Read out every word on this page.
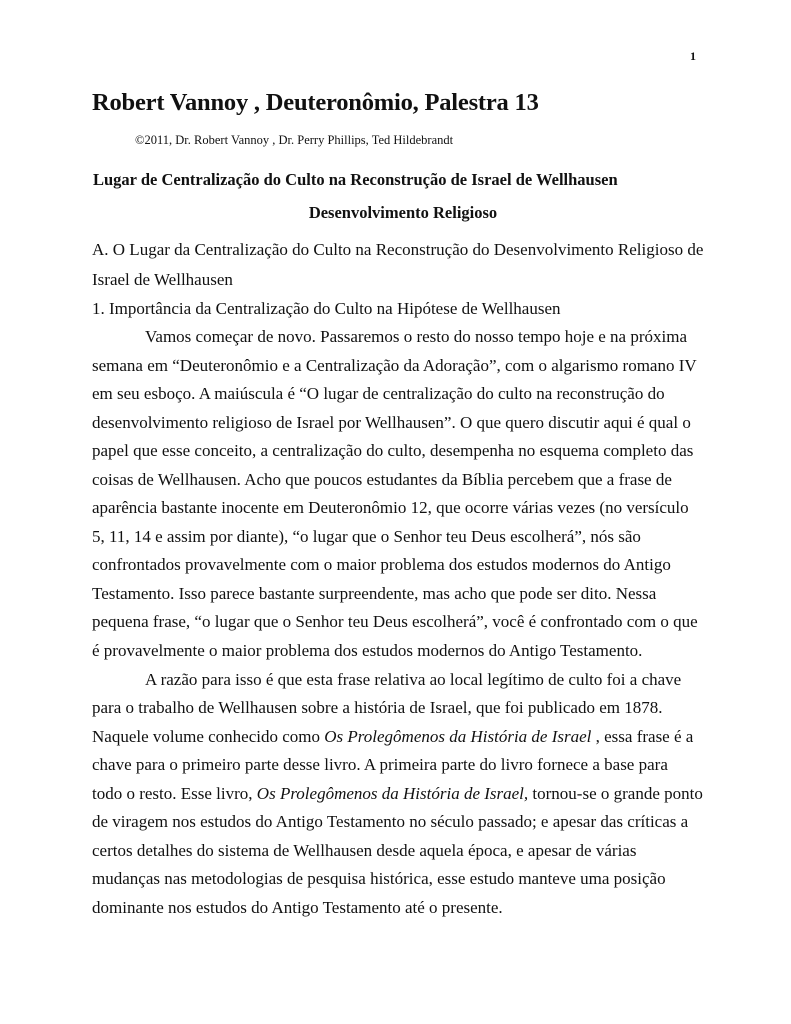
1
Robert Vannoy , Deuteronômio, Palestra 13
©2011, Dr. Robert Vannoy , Dr. Perry Phillips, Ted Hildebrandt
Lugar de Centralização do Culto na Reconstrução de Israel de Wellhausen
Desenvolvimento Religioso
A. O Lugar da Centralização do Culto na Reconstrução do Desenvolvimento Religioso de
Israel de Wellhausen
1. Importância da Centralização do Culto na Hipótese de Wellhausen
Vamos começar de novo. Passaremos o resto do nosso tempo hoje e na próxima
semana em “Deuteronômio e a Centralização da Adoração”, com o algarismo romano IV
em seu esboço. A maiúscula é “O lugar de centralização do culto na reconstrução do
desenvolvimento religioso de Israel por Wellhausen”. O que quero discutir aqui é qual o
papel que esse conceito, a centralização do culto, desempenha no esquema completo das
coisas de Wellhausen. Acho que poucos estudantes da Bíblia percebem que a frase de
aparência bastante inocente em Deuteronômio 12, que ocorre várias vezes (no versículo
5, 11, 14 e assim por diante), “o lugar que o Senhor teu Deus escolherá”, nós são
confrontados provavelmente com o maior problema dos estudos modernos do Antigo
Testamento. Isso parece bastante surpreendente, mas acho que pode ser dito. Nessa
pequena frase, “o lugar que o Senhor teu Deus escolherá”, você é confrontado com o que
é provavelmente o maior problema dos estudos modernos do Antigo Testamento.
A razão para isso é que esta frase relativa ao local legítimo de culto foi a chave
para o trabalho de Wellhausen sobre a história de Israel, que foi publicado em 1878.
Naquele volume conhecido como Os Prolegômenos da História de Israel , essa frase é a
chave para o primeiro parte desse livro. A primeira parte do livro fornece a base para
todo o resto. Esse livro, Os Prolegômenos da História de Israel, tornou-se o grande ponto
de viragem nos estudos do Antigo Testamento no século passado; e apesar das críticas a
certos detalhes do sistema de Wellhausen desde aquela época, e apesar de várias
mudanças nas metodologias de pesquisa histórica, esse estudo manteve uma posição
dominante nos estudos do Antigo Testamento até o presente.
